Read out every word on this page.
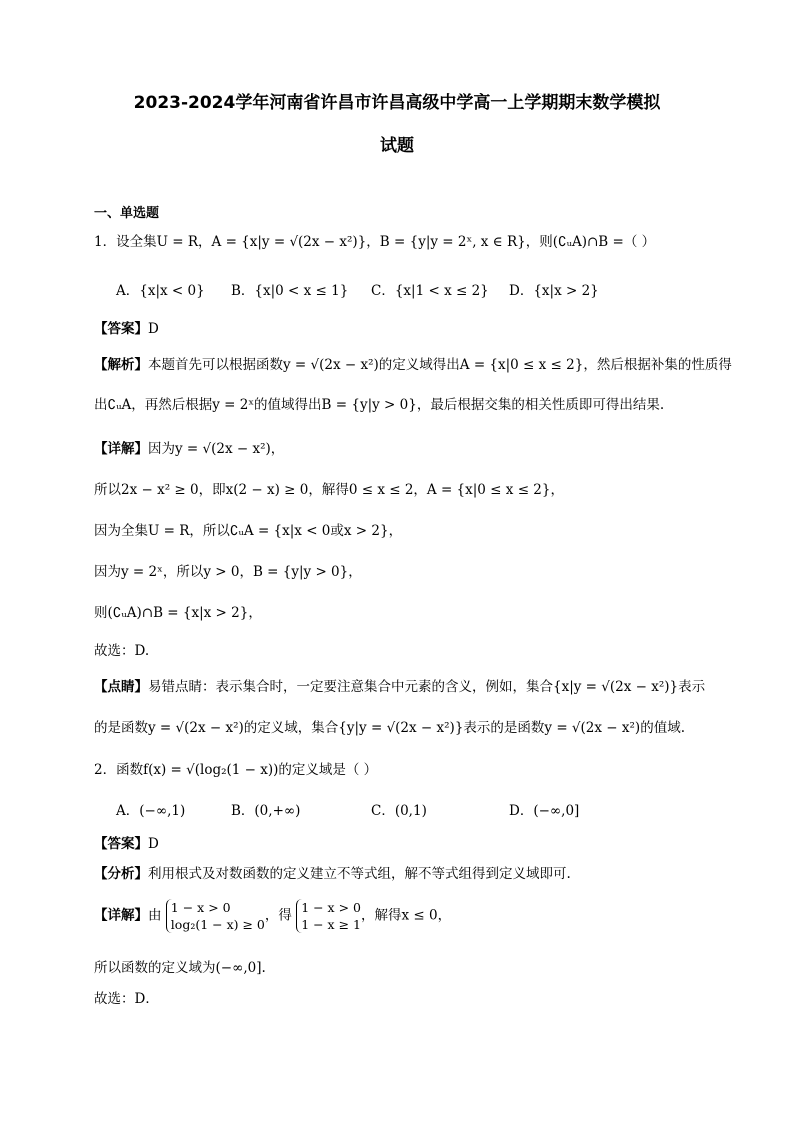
2023-2024学年河南省许昌市许昌高级中学高一上学期期末数学模拟
试题
一、单选题
1．设全集U = R，A = {x|y = √(2x − x²)}，B = {y|y = 2ˣ, x ∈ R}，则(∁ᵤA)∩B =（ ）
A．{x|x < 0} B．{x|0 < x ≤ 1} C．{x|1 < x ≤ 2} D．{x|x > 2}
【答案】D
【解析】本题首先可以根据函数y = √(2x − x²)的定义域得出A = {x|0 ≤ x ≤ 2}，然后根据补集的性质得
出∁ᵤA，再然后根据y = 2ˣ的值域得出B = {y|y > 0}，最后根据交集的相关性质即可得出结果.
【详解】因为y = √(2x − x²)，
所以2x − x² ≥ 0，即x(2 − x) ≥ 0，解得0 ≤ x ≤ 2，A = {x|0 ≤ x ≤ 2}，
因为全集U = R，所以∁ᵤA = {x|x < 0或x > 2}，
因为y = 2ˣ，所以y > 0，B = {y|y > 0}，
则(∁ᵤA)∩B = {x|x > 2}，
故选：D.
【点睛】易错点睛：表示集合时，一定要注意集合中元素的含义，例如，集合{x|y = √(2x − x²)}表示
的是函数y = √(2x − x²)的定义域，集合{y|y = √(2x − x²)}表示的是函数y = √(2x − x²)的值域.
2．函数f(x) = √(log₂(1 − x))的定义域是（ ）
A．(−∞,1)	B．(0,+∞)	C．(0,1)	D．(−∞,0]
【答案】D
【分析】利用根式及对数函数的定义建立不等式组，解不等式组得到定义域即可.
【详解】由 1 − x > 0
log₂(1 − x) ≥ 0
，得 1 − x > 0
1 − x ≥ 1
，解得x ≤ 0，
所以函数的定义域为(−∞,0].
故选：D．
